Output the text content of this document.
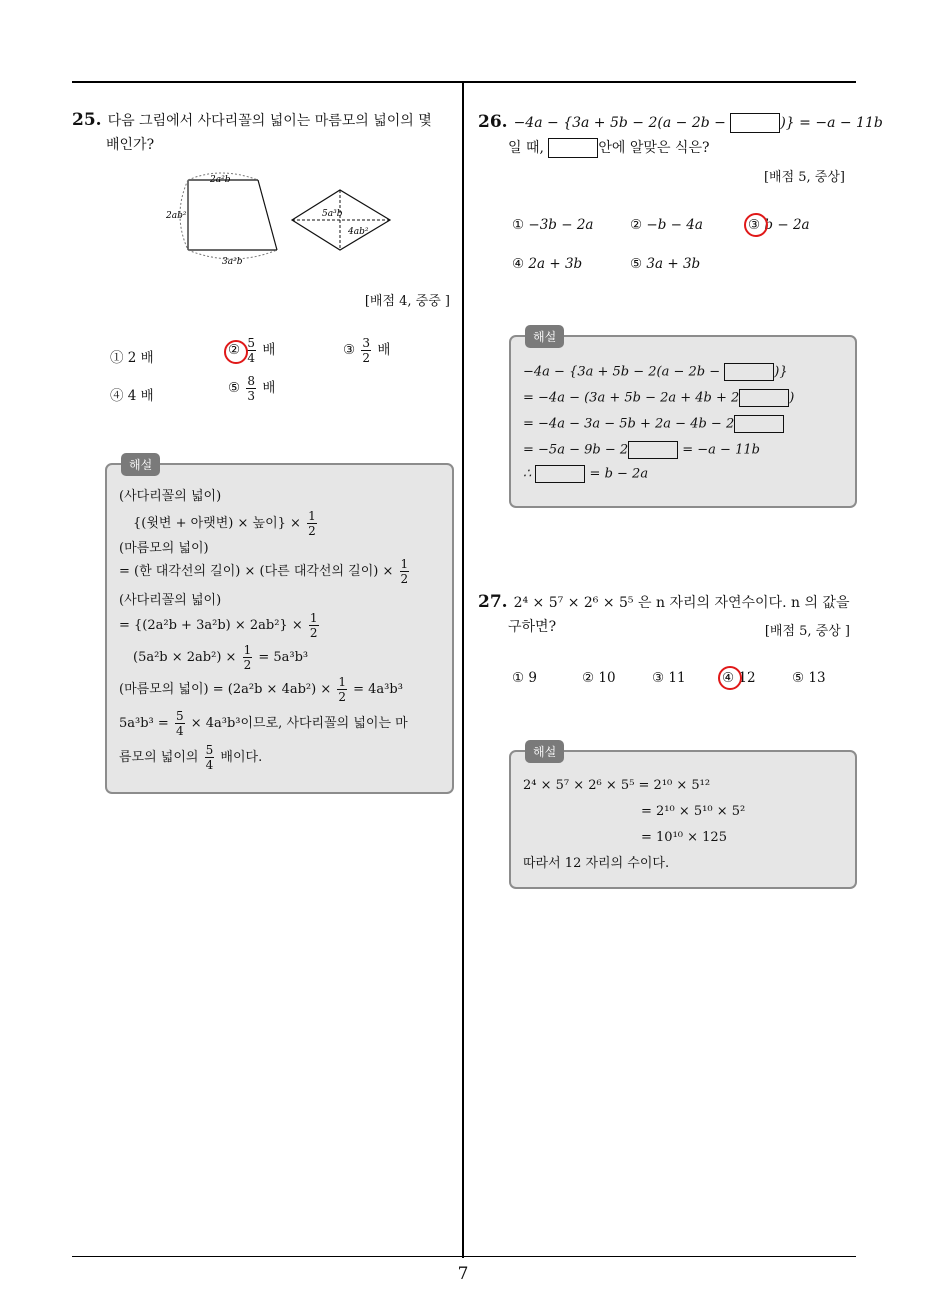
7
25. 다음 그림에서 사다리꼴의 넓이는 마름모의 넓이의 몇
배인가?
2a²b
2ab²
3a²b
5a³b
4ab²
[배점 4, 중중 ]
① 2 배	② $\frac{5}{4}$ 배	③ $\frac{3}{2}$ 배
④ 4 배	⑤ $\frac{8}{3}$ 배
해설
(사다리꼴의 넓이)
{(윗변 + 아랫변) × 높이} × $\frac{1}{2}$
(마름모의 넓이)
= (한 대각선의 길이) × (다른 대각선의 길이) × $\frac{1}{2}$
(사다리꼴의 넓이)
= $\{(2a^2b + 3a^2b) \times 2ab^2\} \times \frac{1}{2}$
$(5a^2b \times 2ab^2) \times \frac{1}{2} = 5a^3b^3$
(마름모의 넓이) = $(2a^2b \times 4ab^2) \times \frac{1}{2} = 4a^3b^3$
$5a^3b^3 = \frac{5}{4} \times 4a^3b^3$이므로, 사다리꼴의 넓이는 마
름모의 넓이의 $\frac{5}{4}$ 배이다.
26. −4a − {3a + 5b − 2(a − 2b −	)} = −a − 11b
일 때,	안에 알맞은 식은?
[배점 5, 중상]
① −3b − 2a	② −b − 4a	③ b − 2a
④ 2a + 3b	⑤ 3a + 3b
해설
−4a − {3a + 5b − 2(a − 2b −	)}
= −4a − (3a + 5b − 2a + 4b + 2	)
= −4a − 3a − 5b + 2a − 4b − 2
= −5a − 9b − 2	= −a − 11b
∴	= b − 2a
27. 2⁴ × 5⁷ × 2⁶ × 5⁵ 은 n 자리의 자연수이다. n 의 값을
구하면?	[배점 5, 중상 ]
① 9	② 10	③ 11	④ 12	⑤ 13
해설
2⁴ × 5⁷ × 2⁶ × 5⁵ = 2¹⁰ × 5¹²
= 2¹⁰ × 5¹⁰ × 5²
= 10¹⁰ × 125
따라서 12 자리의 수이다.
